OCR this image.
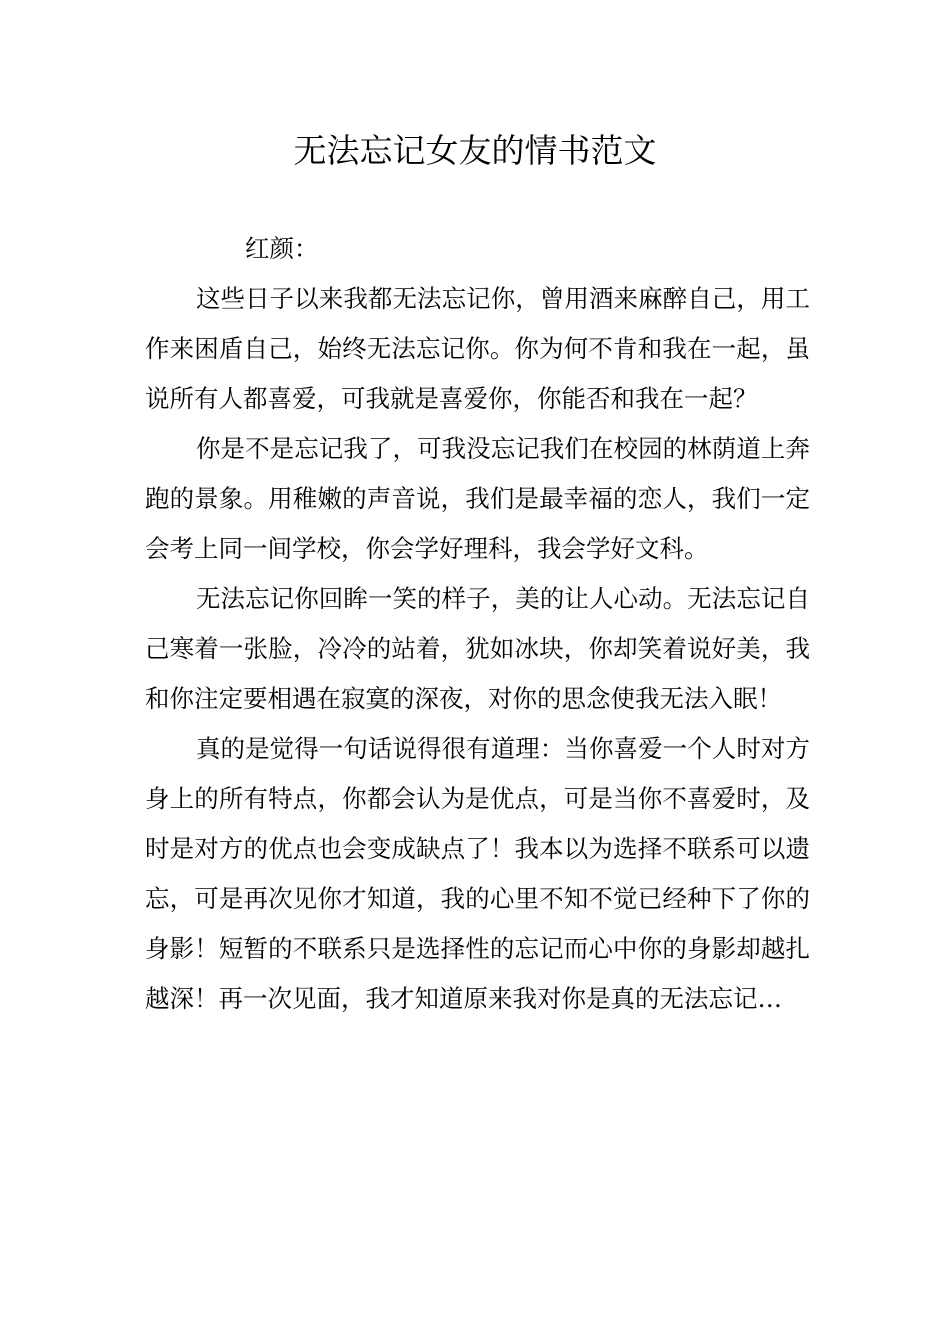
无法忘记女友的情书范文

红颜：

这些日子以来我都无法忘记你，曾用酒来麻醉自己，用工作来困盾自己，始终无法忘记你。你为何不肯和我在一起，虽说所有人都喜爱，可我就是喜爱你，你能否和我在一起？

你是不是忘记我了，可我没忘记我们在校园的林荫道上奔跑的景象。用稚嫩的声音说，我们是最幸福的恋人，我们一定会考上同一间学校，你会学好理科，我会学好文科。

无法忘记你回眸一笑的样子，美的让人心动。无法忘记自己寒着一张脸，冷冷的站着，犹如冰块，你却笑着说好美，我和你注定要相遇在寂寞的深夜，对你的思念使我无法入眠！

真的是觉得一句话说得很有道理：当你喜爱一个人时对方身上的所有特点，你都会认为是优点，可是当你不喜爱时，及时是对方的优点也会变成缺点了！我本以为选择不联系可以遗忘，可是再次见你才知道，我的心里不知不觉已经种下了你的身影！短暂的不联系只是选择性的忘记而心中你的身影却越扎越深！再一次见面，我才知道原来我对你是真的无法忘记…
